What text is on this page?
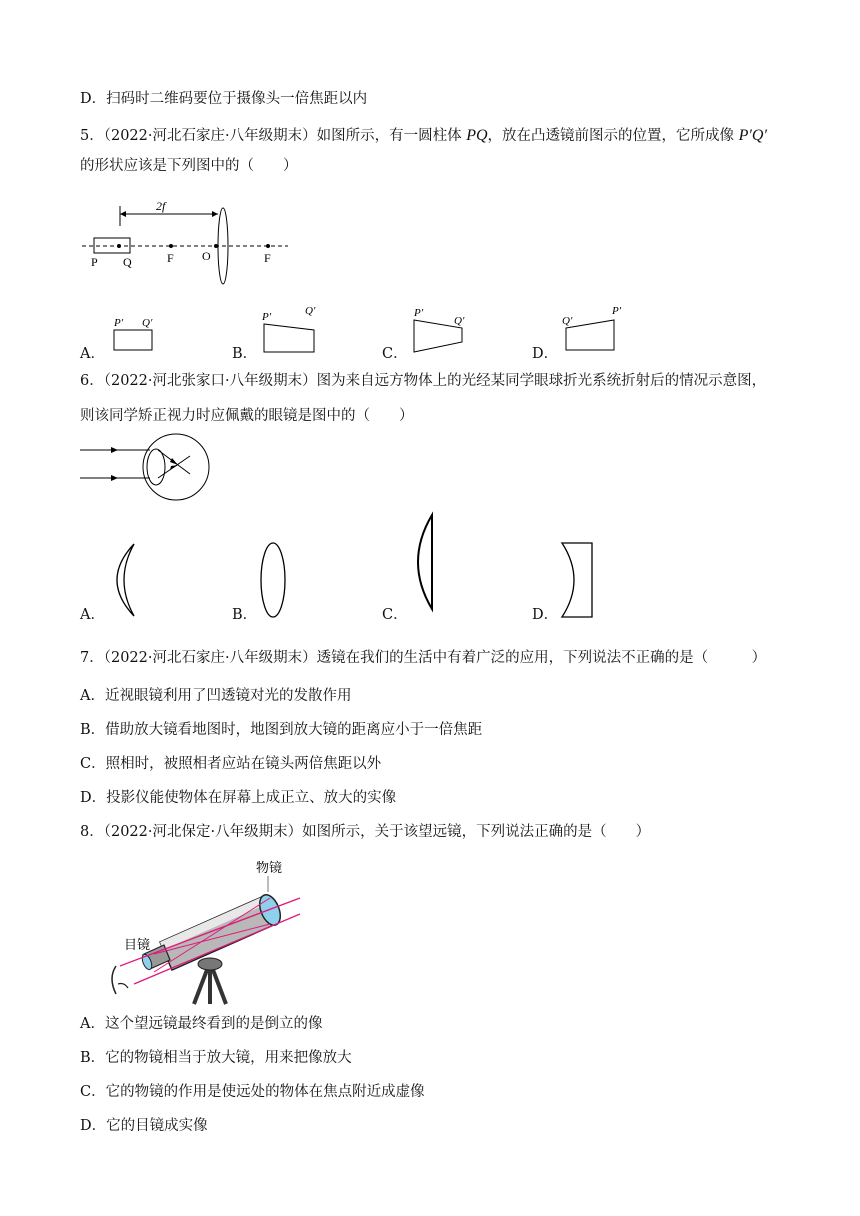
D．扫码时二维码要位于摄像头一倍焦距以内
5．（2022·河北石家庄·八年级期末）如图所示，有一圆柱体 PQ，放在凸透镜前图示的位置，它所成像 P′Q′
的形状应该是下列图中的（　　）
2f
P Q	F O	F
A．
P′ Q′
B．
P′	Q′
C．
P′
Q′
D．
Q′
P′
6．（2022·河北张家口·八年级期末）图为来自远方物体上的光经某同学眼球折光系统折射后的情况示意图，
则该同学矫正视力时应佩戴的眼镜是图中的（　　）
A．	B．	C．	D．
7．（2022·河北石家庄·八年级期末）透镜在我们的生活中有着广泛的应用，下列说法不正确的是（　　　）
A．近视眼镜利用了凹透镜对光的发散作用
B．借助放大镜看地图时，地图到放大镜的距离应小于一倍焦距
C．照相时，被照相者应站在镜头两倍焦距以外
D．投影仪能使物体在屏幕上成正立、放大的实像
8．（2022·河北保定·八年级期末）如图所示，关于该望远镜，下列说法正确的是（　　）
物镜
目镜
A．这个望远镜最终看到的是倒立的像
B．它的物镜相当于放大镜，用来把像放大
C．它的物镜的作用是使远处的物体在焦点附近成虚像
D．它的目镜成实像
